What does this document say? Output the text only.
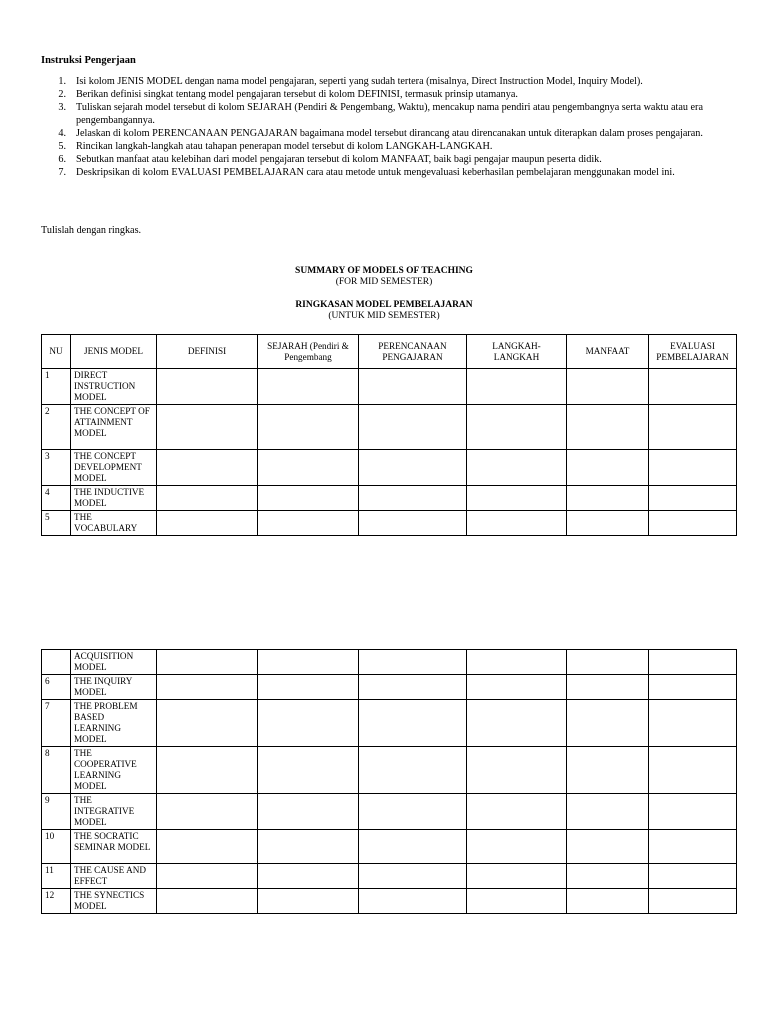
Instruksi Pengerjaan
1. Isi kolom JENIS MODEL dengan nama model pengajaran, seperti yang sudah tertera (misalnya, Direct Instruction Model, Inquiry Model).
2. Berikan definisi singkat tentang model pengajaran tersebut di kolom DEFINISI, termasuk prinsip utamanya.
3. Tuliskan sejarah model tersebut di kolom SEJARAH (Pendiri & Pengembang, Waktu), mencakup nama pendiri atau pengembangnya serta waktu atau era pengembangannya.
4. Jelaskan di kolom PERENCANAAN PENGAJARAN bagaimana model tersebut dirancang atau direncanakan untuk diterapkan dalam proses pengajaran.
5. Rincikan langkah-langkah atau tahapan penerapan model tersebut di kolom LANGKAH-LANGKAH.
6. Sebutkan manfaat atau kelebihan dari model pengajaran tersebut di kolom MANFAAT, baik bagi pengajar maupun peserta didik.
7. Deskripsikan di kolom EVALUASI PEMBELAJARAN cara atau metode untuk mengevaluasi keberhasilan pembelajaran menggunakan model ini.
Tulislah dengan ringkas.
SUMMARY OF MODELS OF TEACHING
(FOR MID SEMESTER)
RINGKASAN MODEL PEMBELAJARAN
(UNTUK MID SEMESTER)
NU	JENIS MODEL	DEFINISI	SEJARAH (Pendiri & Pengembang	PERENCANAAN PENGAJARAN	LANGKAH-LANGKAH	MANFAAT	EVALUASI PEMBELAJARAN
1	DIRECT INSTRUCTION MODEL						
2	THE CONCEPT OF ATTAINMENT MODEL						
3	THE CONCEPT DEVELOPMENT MODEL						
4	THE INDUCTIVE MODEL						
5	THE VOCABULARY						
	ACQUISITION MODEL						
6	THE INQUIRY MODEL						
7	THE PROBLEM BASED LEARNING MODEL						
8	THE COOPERATIVE LEARNING MODEL						
9	THE INTEGRATIVE MODEL						
10	THE SOCRATIC SEMINAR MODEL						
11	THE CAUSE AND EFFECT						
12	THE SYNECTICS MODEL						
